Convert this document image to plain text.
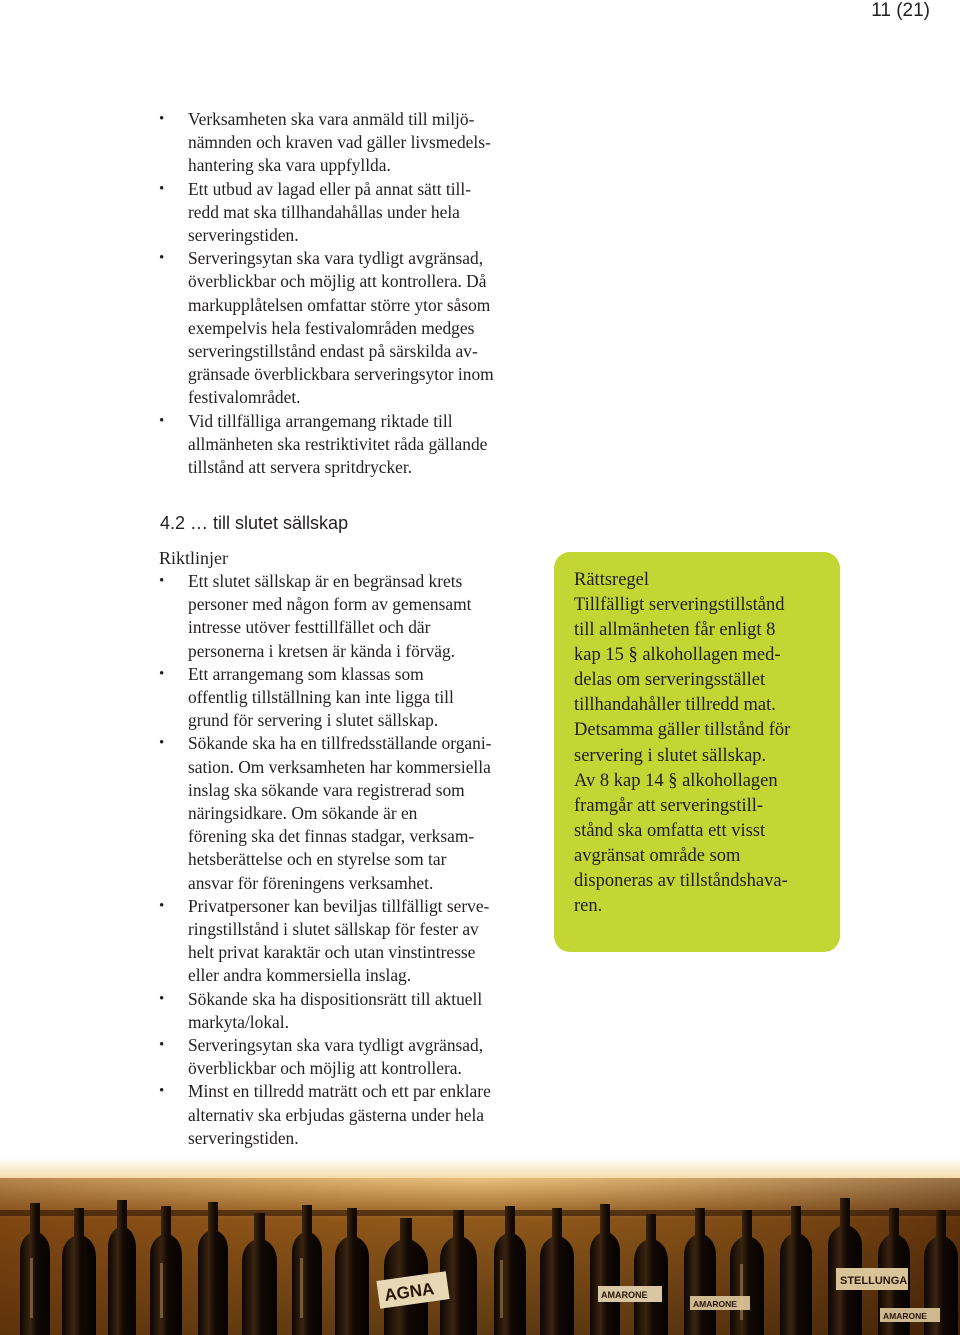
11 (21)
• Verksamheten ska vara anmäld till miljö-
nämnden och kraven vad gäller livsmedels-
hantering ska vara uppfyllda.
• Ett utbud av lagad eller på annat sätt till-
redd mat ska tillhandahållas under hela
serveringstiden.
• Serveringsytan ska vara tydligt avgränsad,
överblickbar och möjlig att kontrollera. Då
markupplåtelsen omfattar större ytor såsom
exempelvis hela festivalområden medges
serveringstillstånd endast på särskilda av-
gränsade överblickbara serveringsytor inom
festivalområdet.
• Vid tillfälliga arrangemang riktade till
allmänheten ska restriktivitet råda gällande
tillstånd att servera spritdrycker.
4.2 … till slutet sällskap
Riktlinjer
• Ett slutet sällskap är en begränsad krets
personer med någon form av gemensamt
intresse utöver festtillfället och där
personerna i kretsen är kända i förväg.
• Ett arrangemang som klassas som
offentlig tillställning kan inte ligga till
grund för servering i slutet sällskap.
• Sökande ska ha en tillfredsställande organi-
sation. Om verksamheten har kommersiella
inslag ska sökande vara registrerad som
näringsidkare. Om sökande är en
förening ska det finnas stadgar, verksam-
hetsberättelse och en styrelse som tar
ansvar för föreningens verksamhet.
• Privatpersoner kan beviljas tillfälligt serve-
ringstillstånd i slutet sällskap för fester av
helt privat karaktär och utan vinstintresse
eller andra kommersiella inslag.
• Sökande ska ha dispositionsrätt till aktuell
markyta/lokal.
• Serveringsytan ska vara tydligt avgränsad,
överblickbar och möjlig att kontrollera.
• Minst en tillredd maträtt och ett par enklare
alternativ ska erbjudas gästerna under hela
serveringstiden.
Rättsregel
Tillfälligt serveringstillstånd
till allmänheten får enligt 8
kap 15 § alkohollagen med-
delas om serveringsstället
tillhandahåller tillredd mat.
Detsamma gäller tillstånd för
servering i slutet sällskap.
Av 8 kap 14 § alkohollagen
framgår att serveringstill-
stånd ska omfatta ett visst
avgränsat område som
disponeras av tillståndshava-
ren.
AGNA	AMARONE
STELLUNGA
AMARONE
AMARONE
